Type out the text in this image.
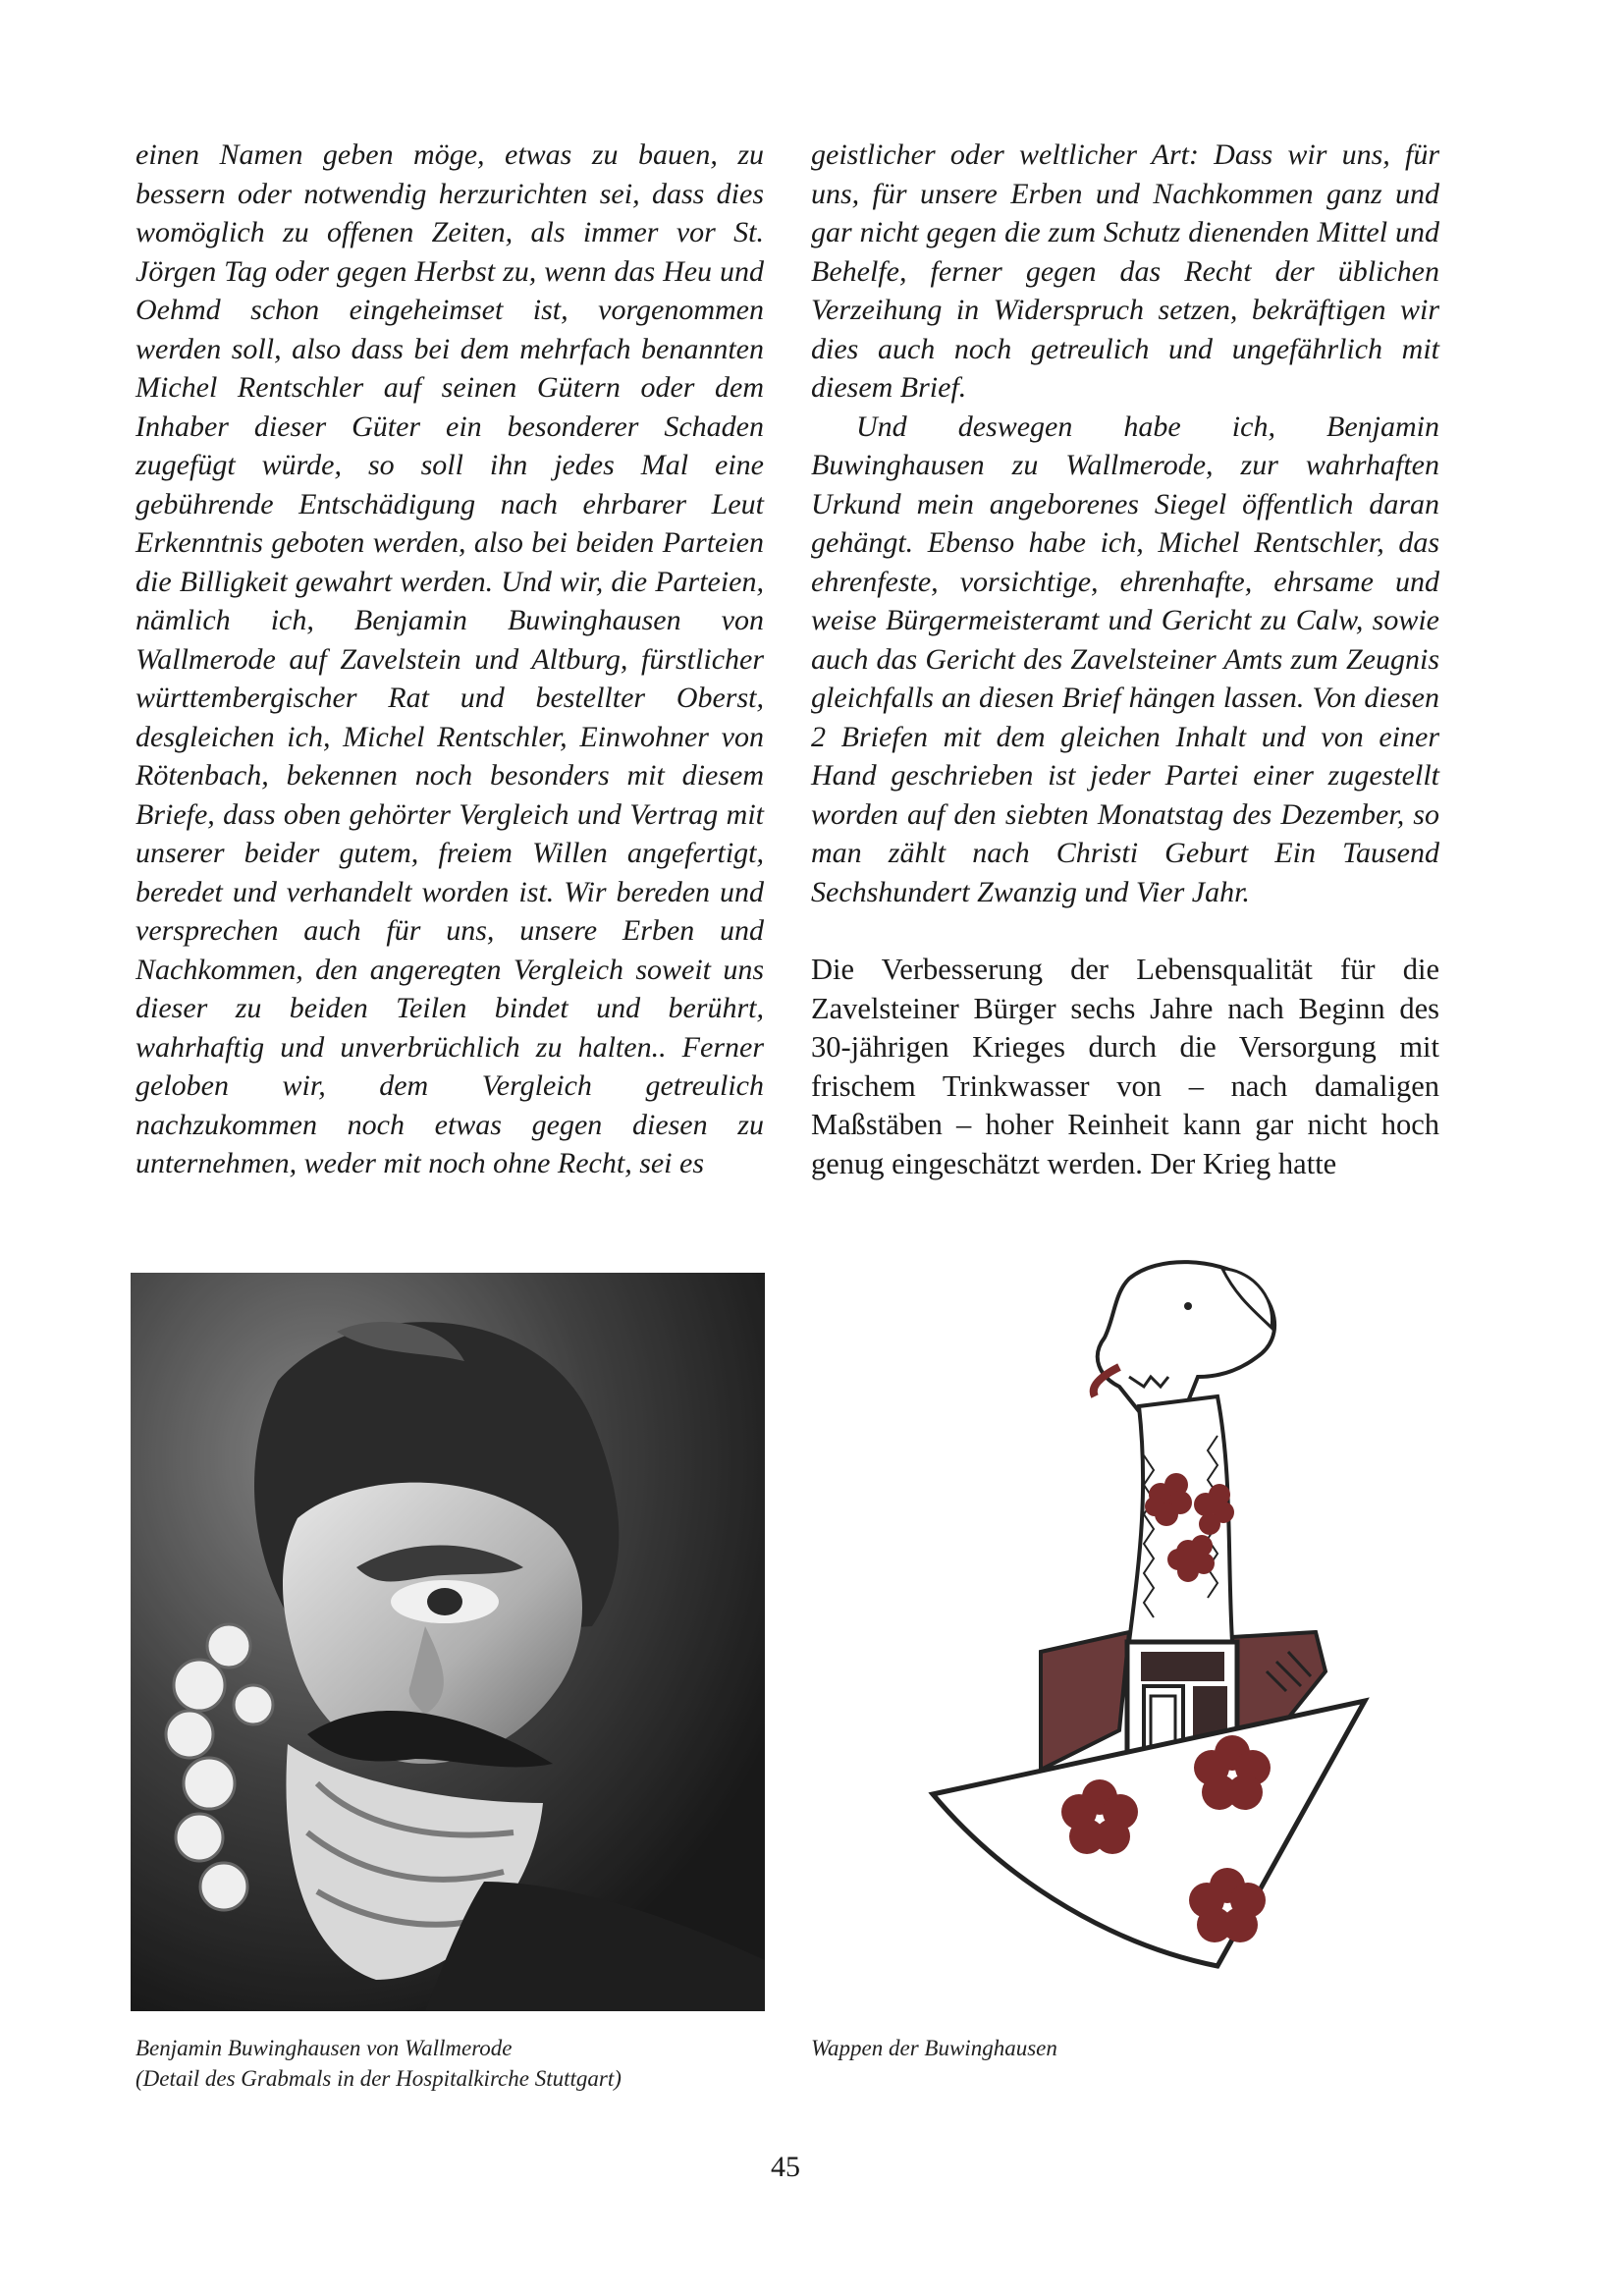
einen Namen geben möge, etwas zu bauen, zu bessern oder notwendig herzurichten sei, dass dies womöglich zu offenen Zeiten, als immer vor St. Jörgen Tag oder gegen Herbst zu, wenn das Heu und Oehmd schon eingeheimset ist, vorgenommen werden soll, also dass bei dem mehrfach benannten Michel Rentschler auf seinen Gütern oder dem Inhaber dieser Güter ein besonderer Schaden zugefügt würde, so soll ihn jedes Mal eine gebührende Entschädigung nach ehrbarer Leut Erkenntnis geboten werden, also bei beiden Parteien die Billigkeit gewahrt werden. Und wir, die Parteien, nämlich ich, Benjamin Buwinghausen von Wallmerode auf Zavelstein und Altburg, fürstlicher württembergischer Rat und bestellter Oberst, desgleichen ich, Michel Rentschler, Einwohner von Rötenbach, bekennen noch besonders mit diesem Briefe, dass oben gehörter Vergleich und Vertrag mit unserer beider gutem, freiem Willen angefertigt, beredet und verhandelt worden ist. Wir bereden und versprechen auch für uns, unsere Erben und Nachkommen, den angeregten Vergleich soweit uns dieser zu beiden Teilen bindet und berührt, wahrhaftig und unverbrüchlich zu halten.. Ferner geloben wir, dem Vergleich getreulich nachzukommen noch etwas gegen diesen zu unternehmen, weder mit noch ohne Recht, sei es

geistlicher oder weltlicher Art: Dass wir uns, für uns, für unsere Erben und Nachkommen ganz und gar nicht gegen die zum Schutz dienenden Mittel und Behelfe, ferner gegen das Recht der üblichen Verzeihung in Widerspruch setzen, bekräftigen wir dies auch noch getreulich und ungefährlich mit diesem Brief.

Und deswegen habe ich, Benjamin Buwinghausen zu Wallmerode, zur wahrhaften Urkund mein angeborenes Siegel öffentlich daran gehängt. Ebenso habe ich, Michel Rentschler, das ehrenfeste, vorsichtige, ehrenhafte, ehrsame und weise Bürgermeisteramt und Gericht zu Calw, sowie auch das Gericht des Zavelsteiner Amts zum Zeugnis gleichfalls an diesen Brief hängen lassen. Von diesen 2 Briefen mit dem gleichen Inhalt und von einer Hand geschrieben ist jeder Partei einer zugestellt worden auf den siebten Monatstag des Dezember, so man zählt nach Christi Geburt Ein Tausend Sechshundert Zwanzig und Vier Jahr.

Die Verbesserung der Lebensqualität für die Zavelsteiner Bürger sechs Jahre nach Beginn des 30-jährigen Krieges durch die Versorgung mit frischem Trinkwasser von – nach damaligen Maßstäben – hoher Reinheit kann gar nicht hoch genug eingeschätzt werden. Der Krieg hatte

Benjamin Buwinghausen von Wallmerode
(Detail des Grabmals in der Hospitalkirche Stuttgart)
Wappen der Buwinghausen
45
